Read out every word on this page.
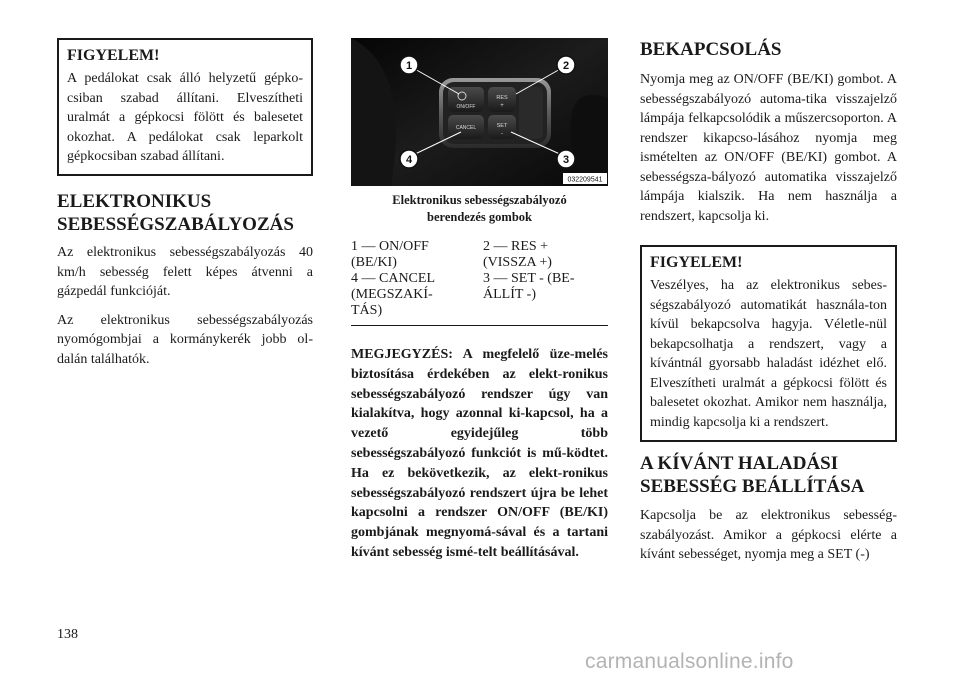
FIGYELEM!
A pedálokat csak álló helyzetű gépko-csiban szabad állítani. Elveszítheti uralmát a gépkocsi fölött és balesetet okozhat. A pedálokat csak leparkolt gépkocsiban szabad állítani.
ELEKTRONIKUS
SEBESSÉGSZABÁLYOZÁS

Az elektronikus sebességszabályozás 40 km/h sebesség felett képes átvenni a gázpedál funkcióját.

Az elektronikus sebességszabályozás nyomógombjai a kormánykerék jobb ol-dalán találhatók.

ON/OFF
RES
+
CANCEL	SET
-
1	2
3
4
032209541
Elektronikus sebességszabályozó
berendezés gombok
1 — ON/OFF	2 — RES +
(BE/KI)	(VISSZA +)
4 — CANCEL	3 — SET - (BE-
(MEGSZAKÍ-	ÁLLÍT -)
TÁS)

MEGJEGYZÉS: A megfelelő üze-melés biztosítása érdekében az elekt-ronikus sebességszabályozó rendszer úgy van kialakítva, hogy azonnal ki-kapcsol, ha a vezető egyidejűleg több sebességszabályozó funkciót is mű-ködtet. Ha ez bekövetkezik, az elekt-ronikus sebességszabályozó rendszert újra be lehet kapcsolni a rendszer ON/OFF (BE/KI) gombjának megnyomá-sával és a tartani kívánt sebesség ismé-telt beállításával.

BEKAPCSOLÁS

Nyomja meg az ON/OFF (BE/KI) gombot. A sebességszabályozó automa-tika visszajelző lámpája felkapcsolódik a műszercsoporton. A rendszer kikapcso-lásához nyomja meg ismételten az ON/OFF (BE/KI) gombot. A sebességsza-bályozó automatika visszajelző lámpája kialszik. Ha nem használja a rendszert, kapcsolja ki.

FIGYELEM!
Veszélyes, ha az elektronikus sebes-ségszabályozó automatikát használa-ton kívül bekapcsolva hagyja. Véletle-nül bekapcsolhatja a rendszert, vagy a kívántnál gyorsabb haladást idézhet elő. Elveszítheti uralmát a gépkocsi fölött és balesetet okozhat. Amikor nem használja, mindig kapcsolja ki a rendszert.
A KÍVÁNT HALADÁSI
SEBESSÉG BEÁLLÍTÁSA

Kapcsolja be az elektronikus sebesség-szabályozást. Amikor a gépkocsi elérte a kívánt sebességet, nyomja meg a SET (-)

138
carmanualsonline.info
